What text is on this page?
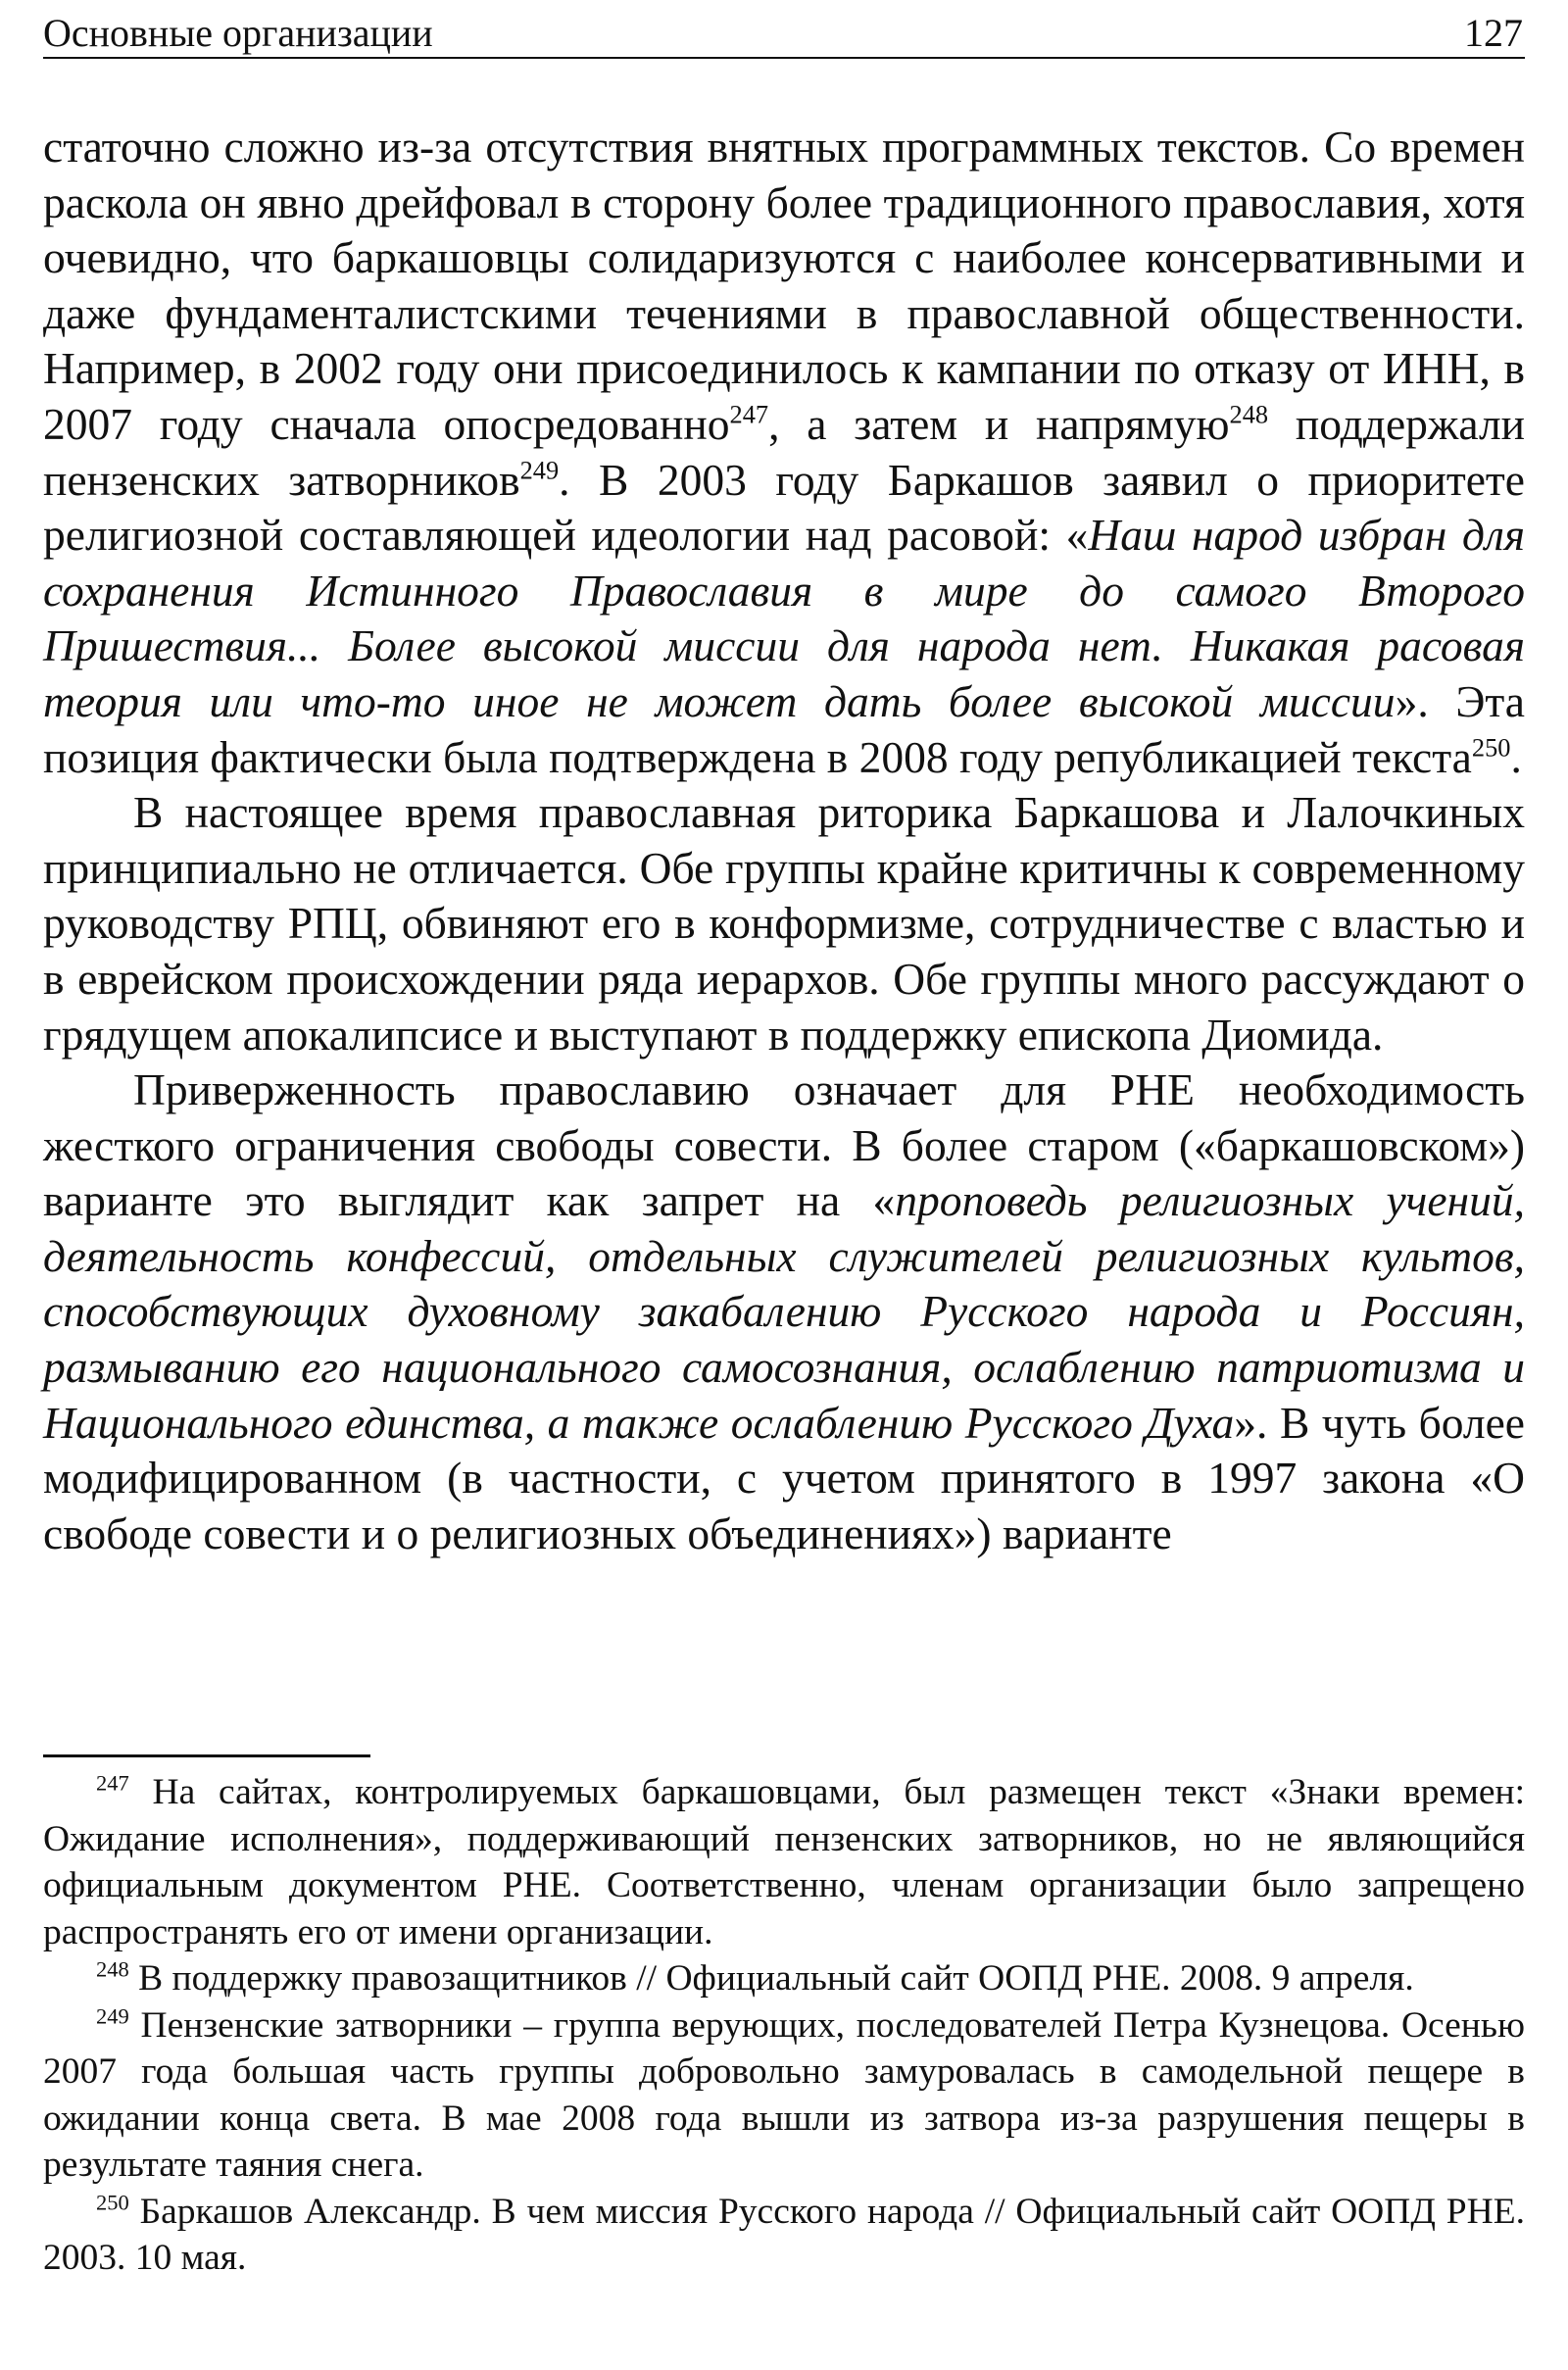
Основные организации	127

статочно сложно из-за отсутствия внятных программных текстов. Со времен раскола он явно дрейфовал в сторону более традиционного православия, хотя очевидно, что баркашовцы солидаризуются с наиболее консервативными и даже фундаменталистскими течениями в православной общественности. Например, в 2002 году они присоединилось к кампании по отказу от ИНН, в 2007 году сначала опосредованно$^{247}$, а затем и напрямую$^{248}$ поддержали пензенских затворников$^{249}$. В 2003 году Баркашов заявил о приоритете религиозной составляющей идеологии над расовой: «Наш народ избран для сохранения Истинного Православия в мире до самого Второго Пришествия... Более высокой миссии для народа нет. Никакая расовая теория или что-то иное не может дать более высокой миссии». Эта позиция фактически была подтверждена в 2008 году републикацией текста$^{250}$.

В настоящее время православная риторика Баркашова и Лалочкиных принципиально не отличается. Обе группы крайне критичны к современному руководству РПЦ, обвиняют его в конформизме, сотрудничестве с властью и в еврейском происхождении ряда иерархов. Обе группы много рассуждают о грядущем апокалипсисе и выступают в поддержку епископа Диомида.

Приверженность православию означает для РНЕ необходимость жесткого ограничения свободы совести. В более старом («баркашовском») варианте это выглядит как запрет на «проповедь религиозных учений, деятельность конфессий, отдельных служителей религиозных культов, способствующих духовному закабалению Русского народа и Россиян, размыванию его национального самосознания, ослаблению патриотизма и Национального единства, а также ослаблению Русского Духа». В чуть более модифицированном (в частности, с учетом принятого в 1997 закона «О свободе совести и о религиозных объединениях») варианте

$^{247}$ На сайтах, контролируемых баркашовцами, был размещен текст «Знаки времен: Ожидание исполнения», поддерживающий пензенских затворников, но не являющийся официальным документом РНЕ. Соответственно, членам организации было запрещено распространять его от имени организации.

$^{248}$ В поддержку правозащитников // Официальный сайт ООПД РНЕ. 2008. 9 апреля.

$^{249}$ Пензенские затворники – группа верующих, последователей Петра Кузнецова. Осенью 2007 года большая часть группы добровольно замуровалась в самодельной пещере в ожидании конца света. В мае 2008 года вышли из затвора из-за разрушения пещеры в результате таяния снега.

$^{250}$ Баркашов Александр. В чем миссия Русского народа // Официальный сайт ООПД РНЕ. 2003. 10 мая.
